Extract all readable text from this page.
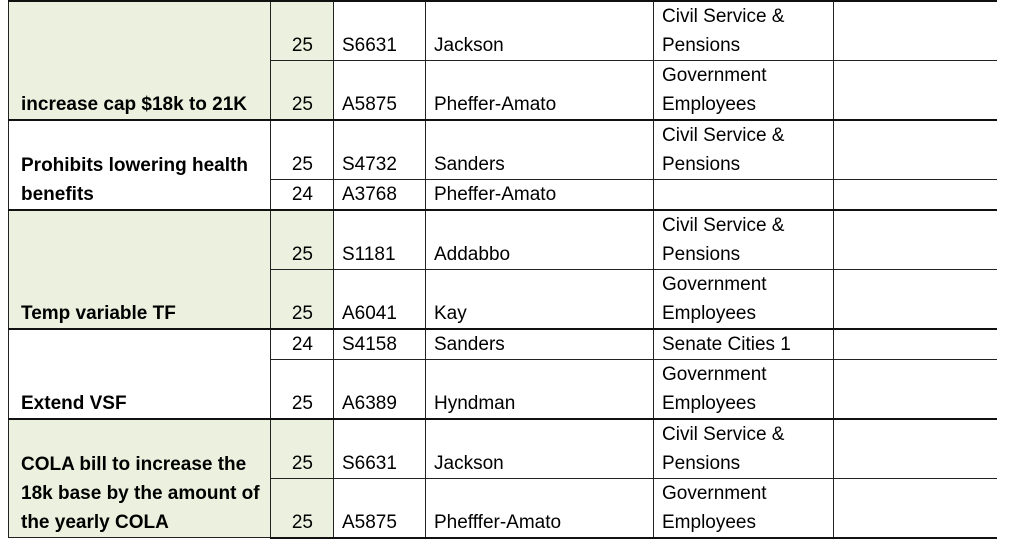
increase cap $18k to 21K	25	S6631	Jackson	Civil Service & Pensions	
	25	A5875	Pheffer-Amato	Government Employees	
Prohibits lowering health benefits	25	S4732	Sanders	Civil Service & Pensions	
	24	A3768	Pheffer-Amato		
Temp variable TF	25	S1181	Addabbo	Civil Service & Pensions	
	25	A6041	Kay	Government Employees	
Extend VSF	24	S4158	Sanders	Senate Cities 1	
	25	A6389	Hyndman	Government Employees	
COLA bill to increase the 18k base by the amount of the yearly COLA	25	S6631	Jackson	Civil Service & Pensions	
	25	A5875	Phefffer-Amato	Government Employees	
